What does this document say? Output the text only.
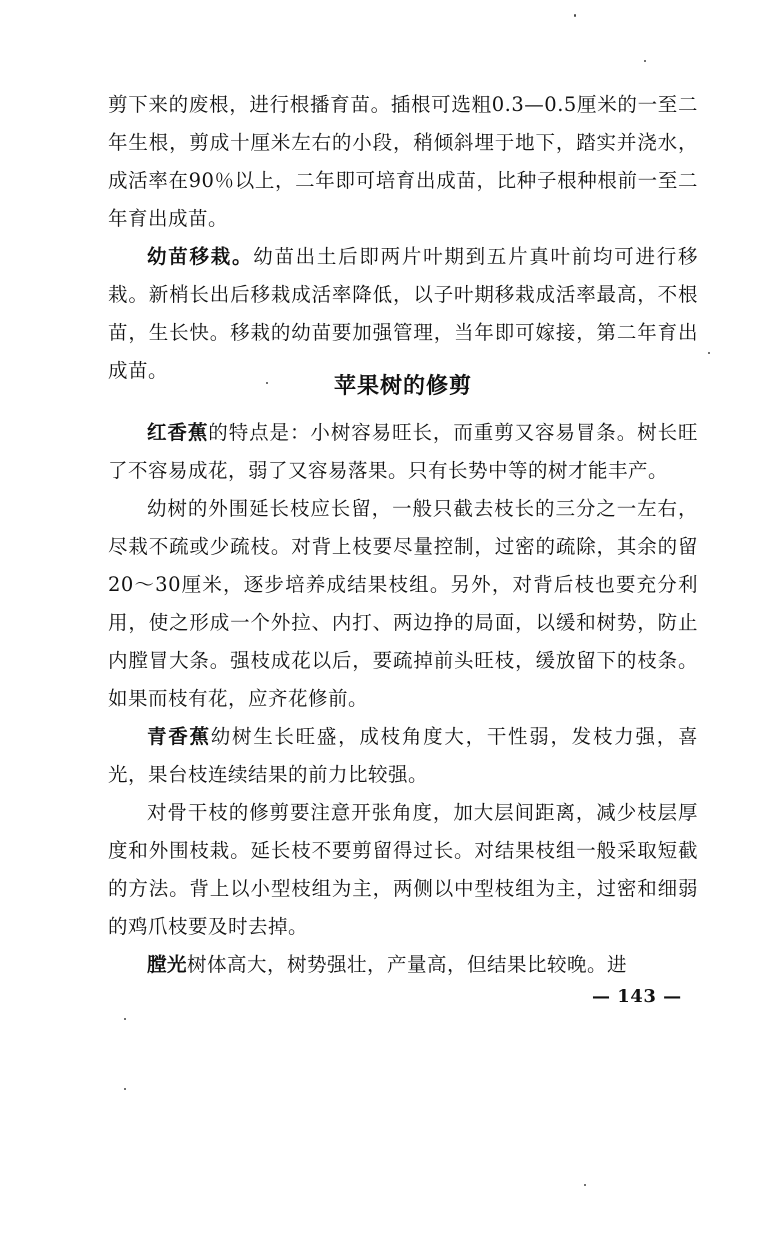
剪下来的废根，进行根播育苗。插根可选粗0.3—0.5厘米的一至二年生根，剪成十厘米左右的小段，稍倾斜埋于地下，踏实并浇水，成活率在90％以上，二年即可培育出成苗，比种子根种根前一至二年育出成苗。

幼苗移栽。幼苗出土后即两片叶期到五片真叶前均可进行移栽。新梢长出后移栽成活率降低，以子叶期移栽成活率最高，不根苗，生长快。移栽的幼苗要加强管理，当年即可嫁接，第二年育出成苗。

苹果树的修剪

红香蕉的特点是：小树容易旺长，而重剪又容易冒条。树长旺了不容易成花，弱了又容易落果。只有长势中等的树才能丰产。

幼树的外围延长枝应长留，一般只截去枝长的三分之一左右，尽栽不疏或少疏枝。对背上枝要尽量控制，过密的疏除，其余的留20～30厘米，逐步培养成结果枝组。另外，对背后枝也要充分利用，使之形成一个外拉、内打、两边挣的局面，以缓和树势，防止内膛冒大条。强枝成花以后，要疏掉前头旺枝，缓放留下的枝条。如果而枝有花，应齐花修前。

青香蕉幼树生长旺盛，成枝角度大，干性弱，发枝力强，喜光，果台枝连续结果的前力比较强。

对骨干枝的修剪要注意开张角度，加大层间距离，减少枝层厚度和外围枝栽。延长枝不要剪留得过长。对结果枝组一般采取短截的方法。背上以小型枝组为主，两侧以中型枝组为主，过密和细弱的鸡爪枝要及时去掉。

膛光树体高大，树势强壮，产量高，但结果比较晚。进

— 143 —
